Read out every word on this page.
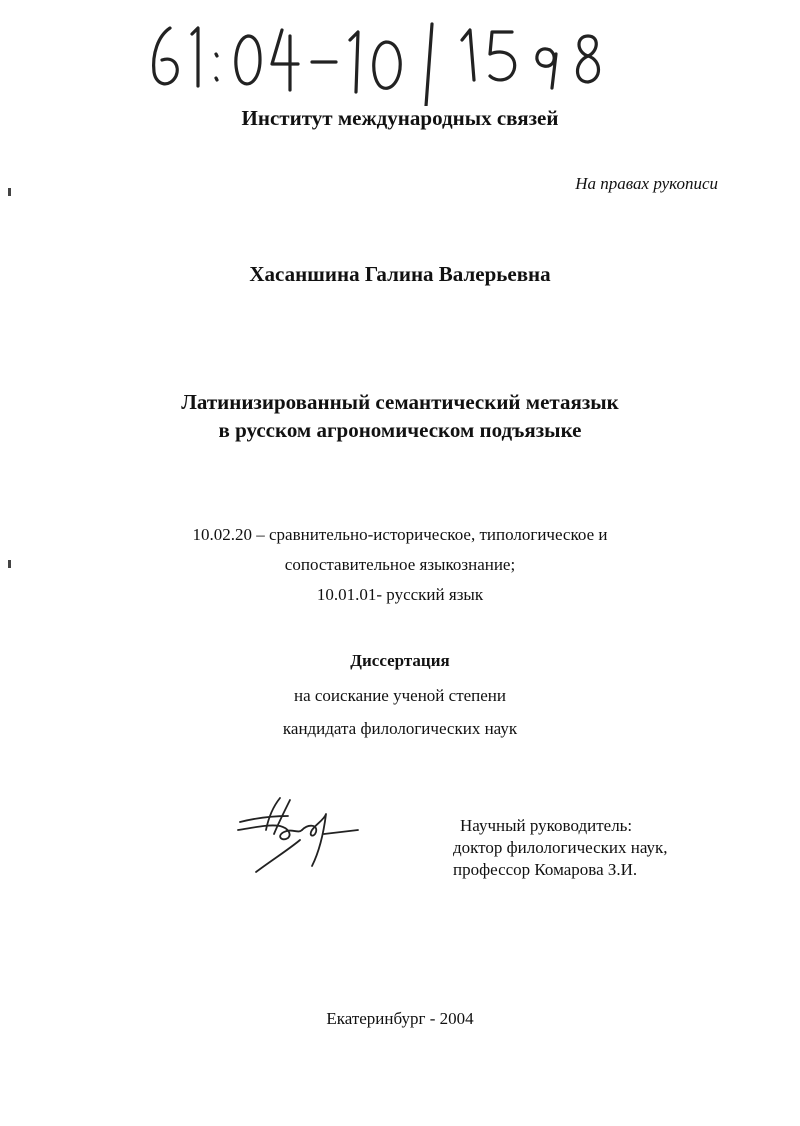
Институт международных связей
На правах рукописи
Хасаншина Галина Валерьевна
Латинизированный семантический метаязык
в русском агрономическом подъязыке
10.02.20 – сравнительно-историческое, типологическое и
сопоставительное языкознание;
10.01.01- русский язык
Диссертация
на соискание ученой степени
кандидата филологических наук
Научный руководитель:
доктор филологических наук,
профессор Комарова З.И.
Екатеринбург - 2004
